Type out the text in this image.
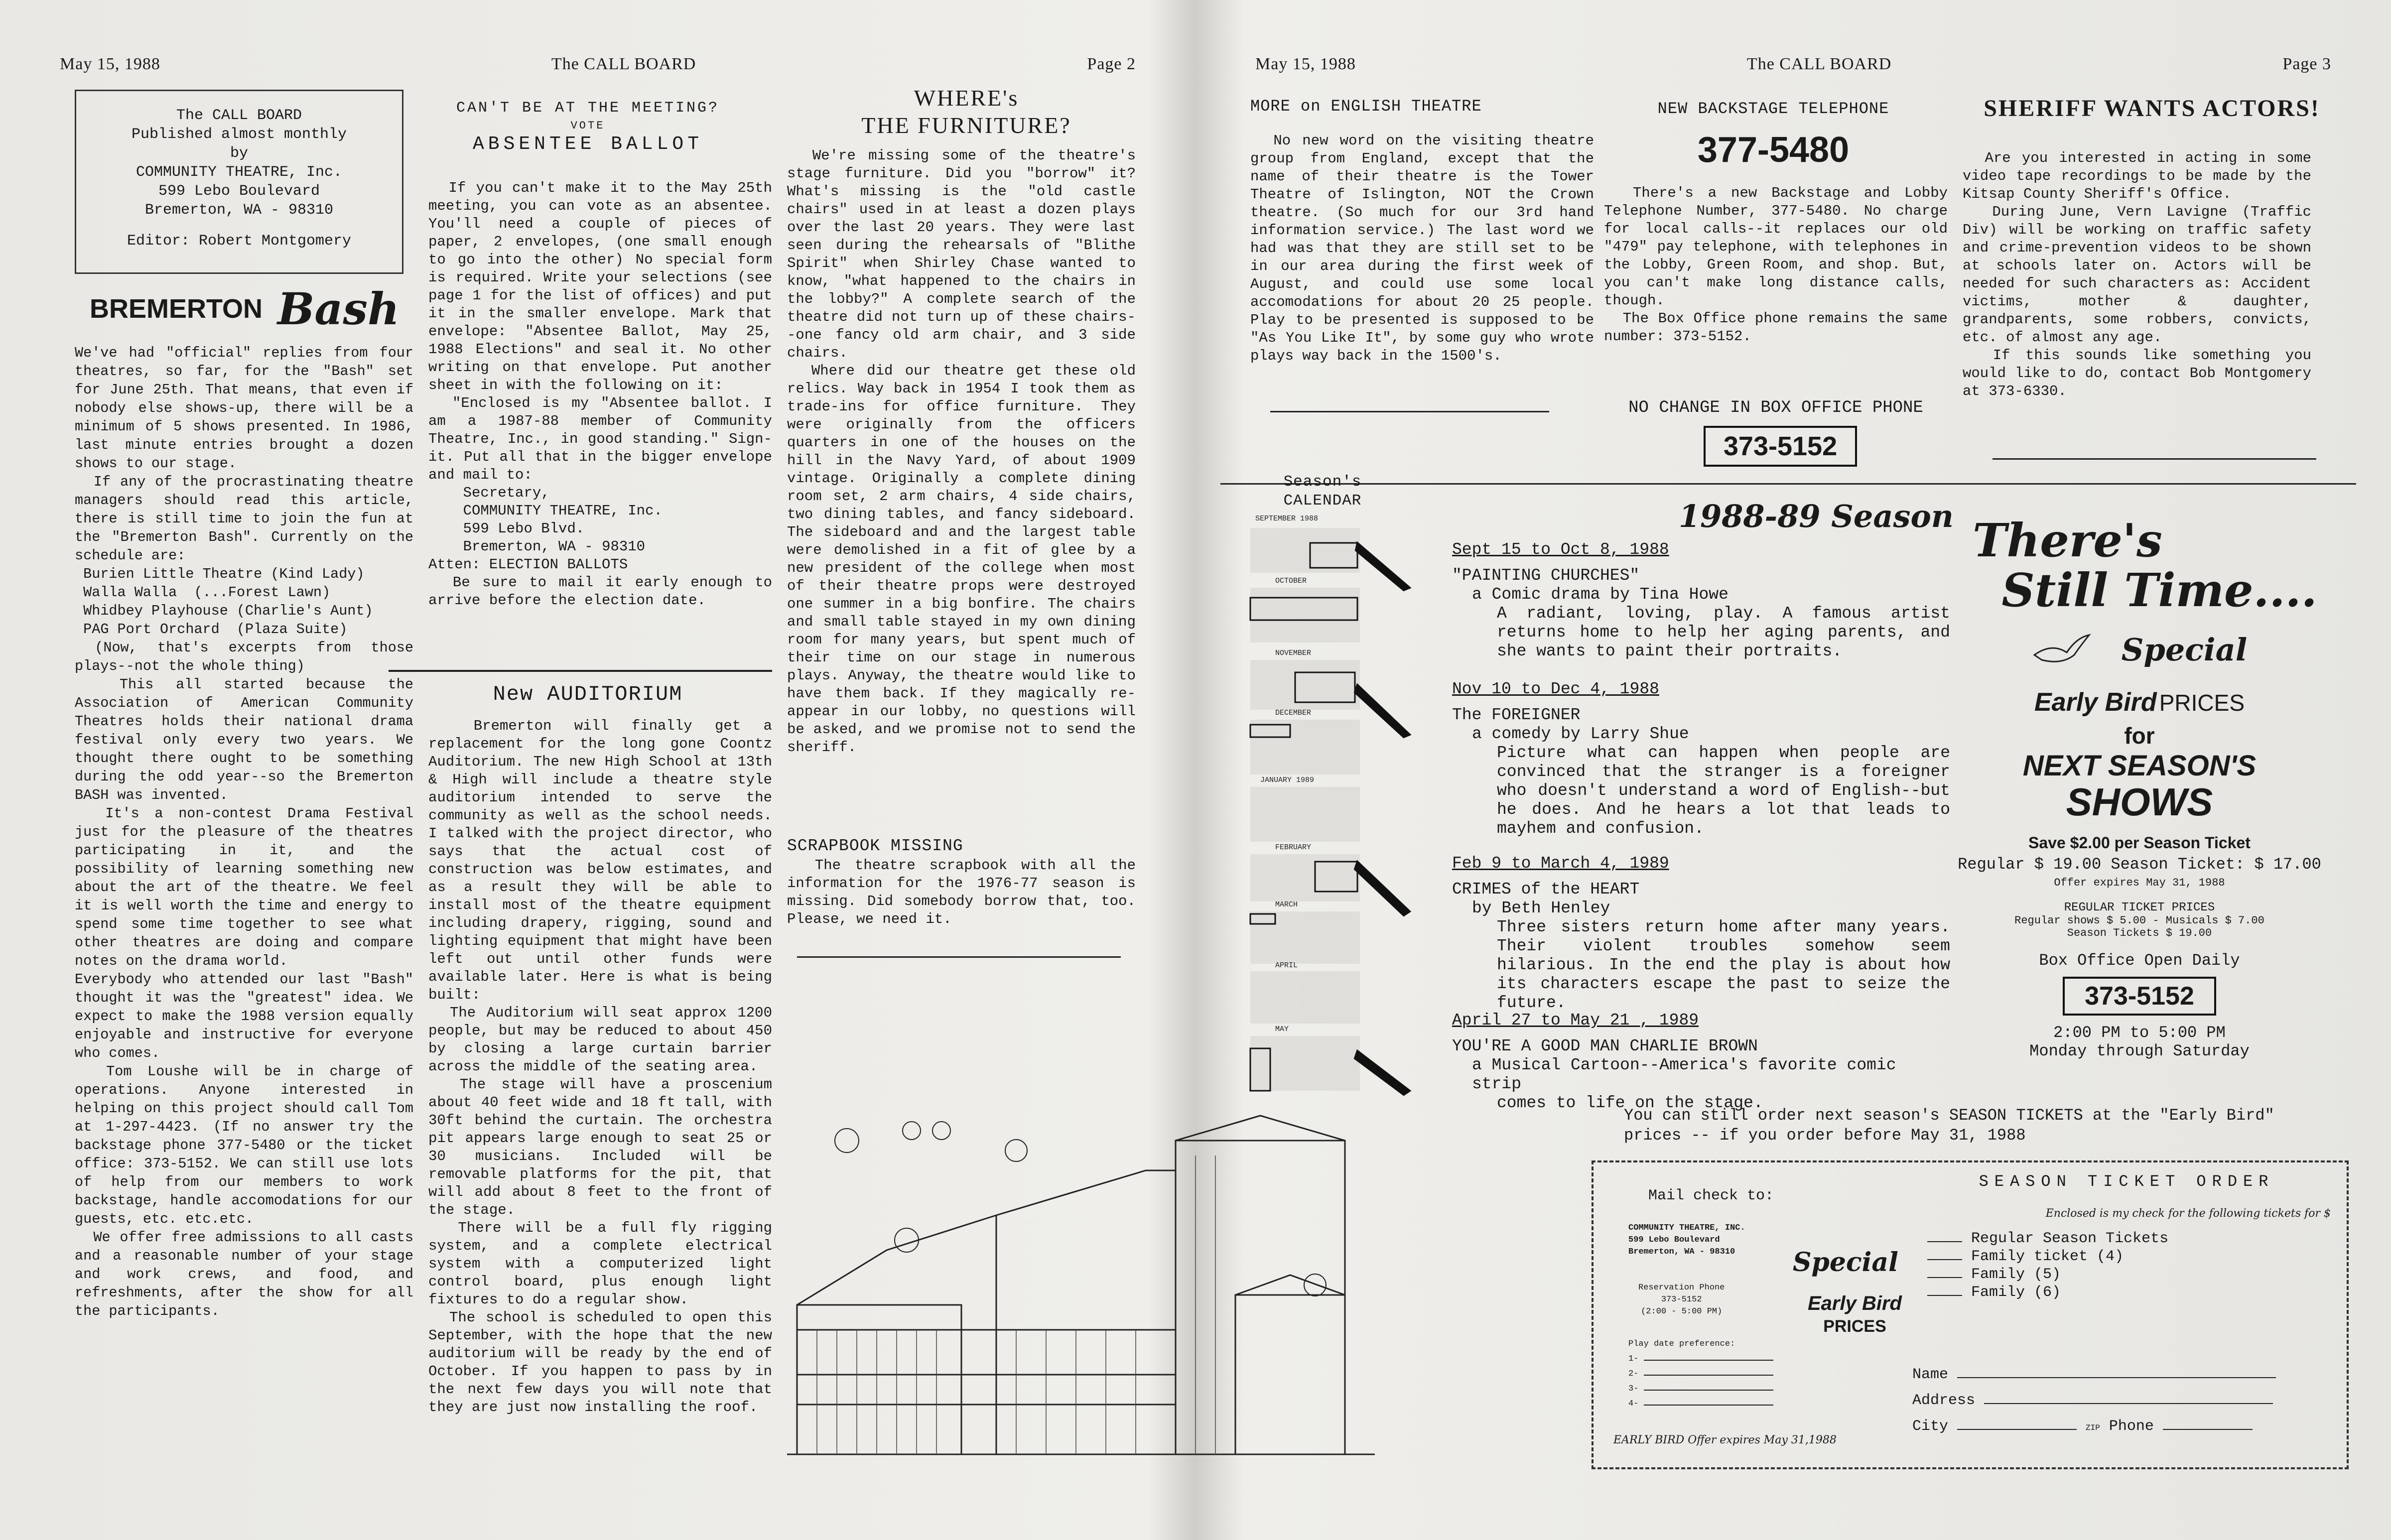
May 15, 1988	The CALL BOARD	Page 2
The CALL BOARD
Published almost monthly
by
COMMUNITY THEATRE, Inc.
599 Lebo Boulevard
Bremerton, WA - 98310
Editor: Robert Montgomery
BREMERTON Bash
We've had "official" replies from four theatres, so far, for the "Bash" set for June 25th. That means, that even if nobody else shows-up, there will be a minimum of 5 shows presented. In 1986, last minute entries brought a dozen shows to our stage.
If any of the procrastinating theatre managers should read this article, there is still time to join the fun at the "Bremerton Bash". Currently on the schedule are:
Burien Little Theatre (Kind Lady)
Walla Walla  (...Forest Lawn)
Whidbey Playhouse (Charlie's Aunt)
PAG Port Orchard  (Plaza Suite)
(Now, that's excerpts from those plays--not the whole thing)
This all started because the Association of American Community Theatres holds their national drama festival only every two years. We thought there ought to be something during the odd year--so the Bremerton BASH was invented.
It's a non-contest Drama Festival just for the pleasure of the theatres participating in it, and the possibility of learning something new about the art of the theatre. We feel it is well worth the time and energy to spend some time together to see what other theatres are doing and compare notes on the drama world.
Everybody who attended our last "Bash" thought it was the "greatest" idea. We expect to make the 1988 version equally enjoyable and instructive for everyone who comes.
Tom Loushe will be in charge of operations. Anyone interested in helping on this project should call Tom at 1-297-4423. (If no answer try the backstage phone 377-5480 or the ticket office: 373-5152. We can still use lots of help from our members to work backstage, handle accomodations for our guests, etc. etc.etc.
We offer free admissions to all casts and a reasonable number of your stage and work crews, and food, and refreshments, after the show for all the participants.
CAN'T BE AT THE MEETING?
VOTE
ABSENTEE BALLOT
If you can't make it to the May 25th meeting, you can vote as an absentee. You'll need a couple of pieces of paper, 2 envelopes, (one small enough to go into the other) No special form is required. Write your selections (see page 1 for the list of offices) and put it in the smaller envelope. Mark that envelope: "Absentee Ballot, May 25, 1988 Elections" and seal it. No other writing on that envelope. Put another sheet in with the following on it:
"Enclosed is my "Absentee ballot. I am a 1987-88 member of Community Theatre, Inc., in good standing." Sign-it. Put all that in the bigger envelope and mail to:
Secretary,
COMMUNITY THEATRE, Inc.
599 Lebo Blvd.
Bremerton, WA - 98310
Atten: ELECTION BALLOTS
Be sure to mail it early enough to arrive before the election date.
New AUDITORIUM
Bremerton will finally get a replacement for the long gone Coontz Auditorium. The new High School at 13th & High will include a theatre style auditorium intended to serve the community as well as the school needs. I talked with the project director, who says that the actual cost of construction was below estimates, and as a result they will be able to install most of the theatre equipment including drapery, rigging, sound and lighting equipment that might have been left out until other funds were available later. Here is what is being built:
The Auditorium will seat approx 1200 people, but may be reduced to about 450 by closing a large curtain barrier across the middle of the seating area.
The stage will have a proscenium about 40 feet wide and 18 ft tall, with 30ft behind the curtain. The orchestra pit appears large enough to seat 25 or 30 musicians. Included will be removable platforms for the pit, that will add about 8 feet to the front of the stage.
There will be a full fly rigging system, and a complete electrical system with a computerized light control board, plus enough light fixtures to do a regular show.
The school is scheduled to open this September, with the hope that the new auditorium will be ready by the end of October. If you happen to pass by in the next few days you will note that they are just now installing the roof.
WHERE's
THE FURNITURE?
We're missing some of the theatre's stage furniture. Did you "borrow" it? What's missing is the "old castle chairs" used in at least a dozen plays over the last 20 years. They were last seen during the rehearsals of "Blithe Spirit" when Shirley Chase wanted to know, "what happened to the chairs in the lobby?" A complete search of the theatre did not turn up of these chairs--one fancy old arm chair, and 3 side chairs.
Where did our theatre get these old relics. Way back in 1954 I took them as trade-ins for office furniture. They were originally from the officers quarters in one of the houses on the hill in the Navy Yard, of about 1909 vintage. Originally a complete dining room set, 2 arm chairs, 4 side chairs, two dining tables, and fancy sideboard. The sideboard and and the largest table were demolished in a fit of glee by a new president of the college when most of their theatre props were destroyed one summer in a big bonfire. The chairs and small table stayed in my own dining room for many years, but spent much of their time on our stage in numerous plays. Anyway, the theatre would like to have them back. If they magically re-appear in our lobby, no questions will be asked, and we promise not to send the sheriff.
SCRAPBOOK MISSING
The theatre scrapbook with all the information for the 1976-77 season is missing. Did somebody borrow that, too. Please, we need it.
May 15, 1988	The CALL BOARD	Page 3
MORE on ENGLISH THEATRE
No new word on the visiting theatre group from England, except that the name of their theatre is the Tower Theatre of Islington, NOT the Crown theatre. (So much for our 3rd hand information service.) The last word we had was that they are still set to be in our area during the first week of August, and could use some local accomodations for about 20 25 people. Play to be presented is supposed to be "As You Like It", by some guy who wrote plays way back in the 1500's.
NEW BACKSTAGE TELEPHONE
377-5480
There's a new Backstage and Lobby Telephone Number, 377-5480. No charge for local calls--it replaces our old "479" pay telephone, with telephones in the Lobby, Green Room, and shop. But, you can't make long distance calls, though.
The Box Office phone remains the same number: 373-5152.
NO CHANGE IN BOX OFFICE PHONE
373-5152
SHERIFF WANTS ACTORS!
Are you interested in acting in some video tape recordings to be made by the Kitsap County Sheriff's Office.
During June, Vern Lavigne (Traffic Div) will be working on traffic safety and crime-prevention videos to be shown at schools later on. Actors will be needed for such characters as: Accident victims, mother & daughter, grandparents, some robbers, convicts, etc. of almost any age.
If this sounds like something you would like to do, contact Bob Montgomery at 373-6330.
Season's
CALENDAR	1988-89 Season
Sept 15 to Oct 8, 1988
"PAINTING CHURCHES"
a Comic drama by Tina Howe
A radiant, loving, play. A famous artist returns home to help her aging parents, and she wants to paint their portraits.
Nov 10 to Dec 4, 1988
The FOREIGNER
a comedy by Larry Shue
Picture what can happen when people are convinced that the stranger is a foreigner who doesn't understand a word of English--but he does. And he hears a lot that leads to mayhem and confusion.
Feb 9 to March 4, 1989
CRIMES of the HEART
by Beth Henley
Three sisters return home after many years. Their violent troubles somehow seem hilarious. In the end the play is about how its characters escape the past to seize the future.
April 27 to May 21 , 1989
YOU'RE A GOOD MAN CHARLIE BROWN
a Musical Cartoon--America's favorite comic strip
comes to life on the stage.
SEPTEMBER 1988
OCTOBER
NOVEMBER
DECEMBER
JANUARY 1989
FEBRUARY
MARCH
APRIL
MAY
There's
Still Time....
Special
Early Bird PRICES
for
NEXT SEASON'S
SHOWS
Save $2.00 per Season Ticket
Regular $ 19.00 Season Ticket: $ 17.00
Offer expires May 31, 1988
REGULAR TICKET PRICES
Regular shows $ 5.00 - Musicals $ 7.00
Season Tickets $ 19.00
Box Office Open Daily
373-5152
2:00 PM to 5:00 PM
Monday through Saturday
You can still order next season's SEASON TICKETS at the "Early Bird" prices -- if you order before May 31, 1988
Mail check to:
COMMUNITY THEATRE, INC.
599 Lebo Boulevard
Bremerton, WA - 98310
Reservation Phone
373-5152
(2:00 - 5:00 PM)
Play date preference:
1-
2-
3-
4-
Special
Early Bird
PRICES
SEASON TICKET ORDER
Enclosed is my check for the following tickets for $
Regular Season Tickets
Family ticket (4)
Family (5)
Family (6)
Name
Address
City	ZIP Phone
EARLY BIRD Offer expires May 31,1988
